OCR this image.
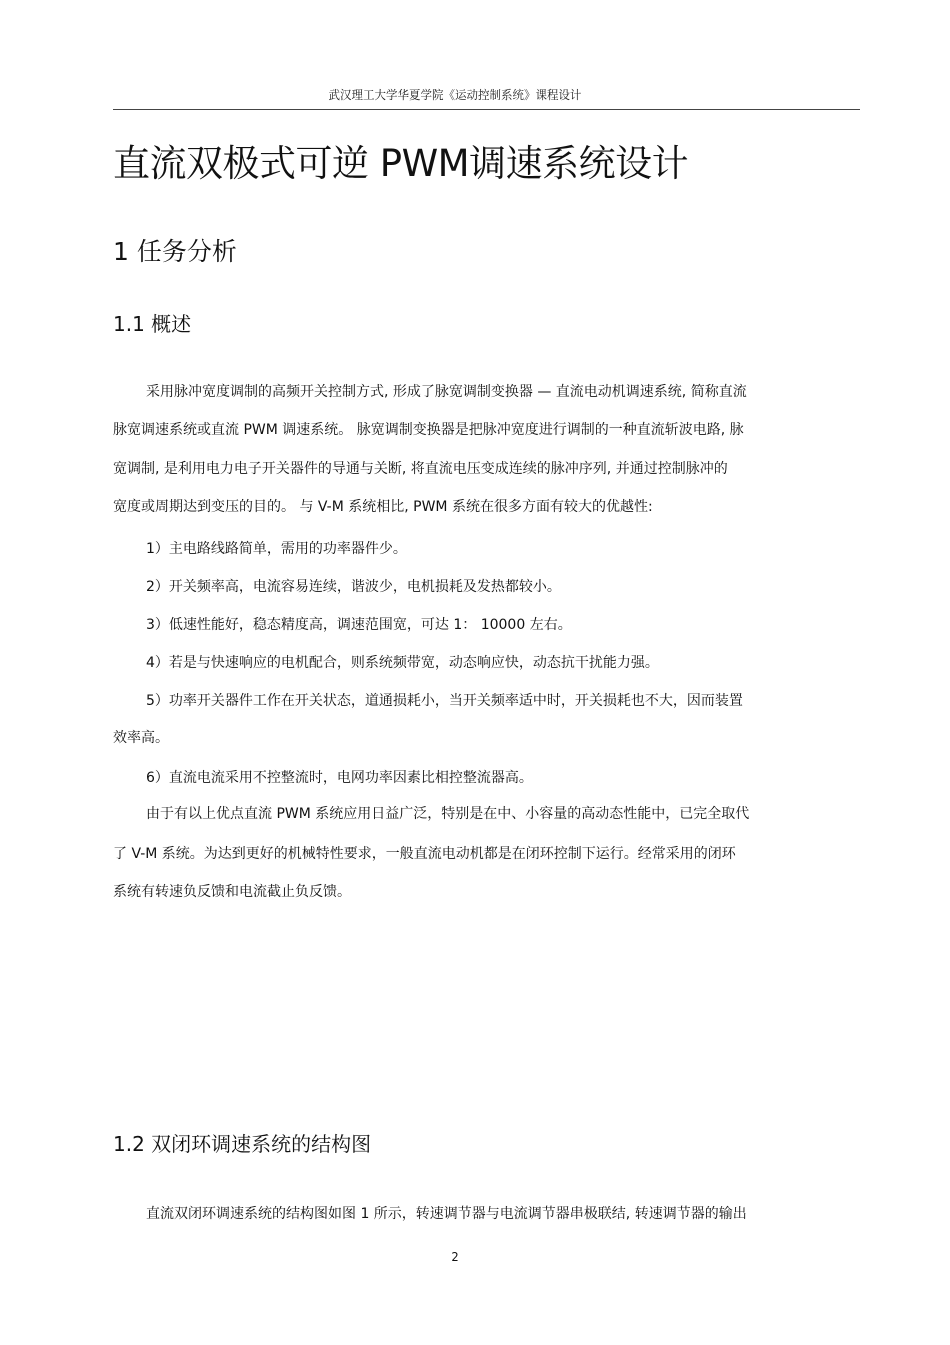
武汉理工大学华夏学院《运动控制系统》课程设计
直流双极式可逆 PWM调速系统设计
1 任务分析
1.1 概述
采用脉冲宽度调制的高频开关控制方式, 形成了脉宽调制变换器 — 直流电动机调速系统, 简称直流
脉宽调速系统或直流 PWM 调速系统。 脉宽调制变换器是把脉冲宽度进行调制的一种直流斩波电路, 脉
宽调制, 是利用电力电子开关器件的导通与关断, 将直流电压变成连续的脉冲序列, 并通过控制脉冲的
宽度或周期达到变压的目的。 与 V-M 系统相比, PWM 系统在很多方面有较大的优越性:
1）主电路线路简单，需用的功率器件少。
2）开关频率高，电流容易连续，谐波少，电机损耗及发热都较小。
3）低速性能好，稳态精度高，调速范围宽，可达 1： 10000 左右。
4）若是与快速响应的电机配合，则系统频带宽，动态响应快，动态抗干扰能力强。
5）功率开关器件工作在开关状态，道通损耗小，当开关频率适中时，开关损耗也不大，因而装置
效率高。
6）直流电流采用不控整流时，电网功率因素比相控整流器高。
由于有以上优点直流 PWM 系统应用日益广泛，特别是在中、小容量的高动态性能中，已完全取代
了 V-M 系统。为达到更好的机械特性要求，一般直流电动机都是在闭环控制下运行。经常采用的闭环
系统有转速负反馈和电流截止负反馈。
1.2 双闭环调速系统的结构图
直流双闭环调速系统的结构图如图 1 所示，转速调节器与电流调节器串极联结, 转速调节器的输出
2
